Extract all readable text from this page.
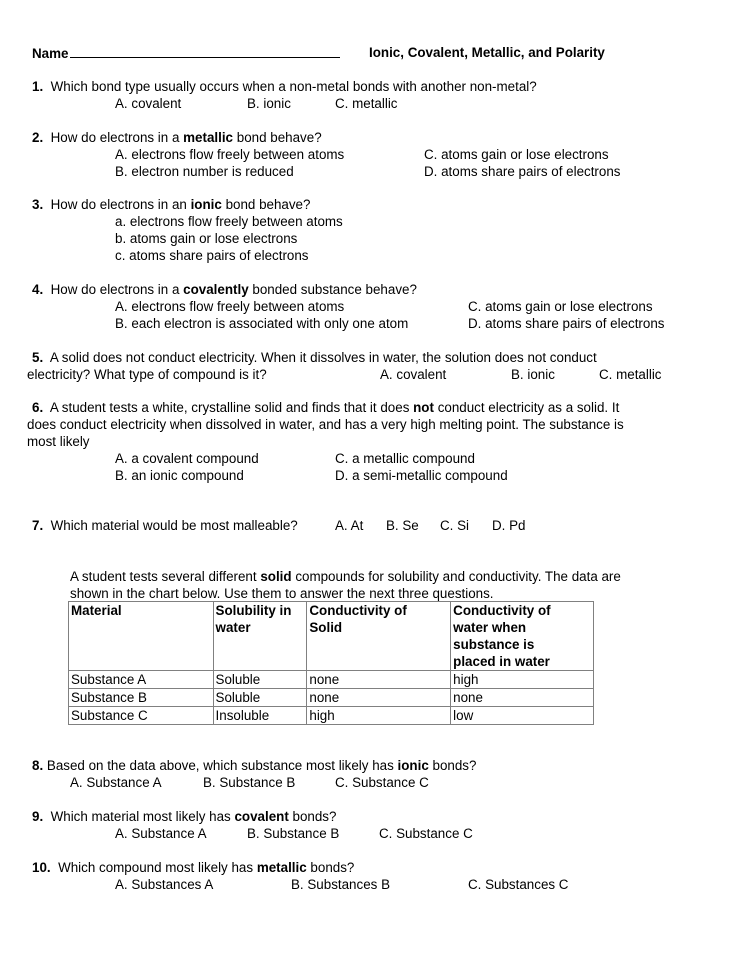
Name	Ionic, Covalent, Metallic, and Polarity
1. Which bond type usually occurs when a non-metal bonds with another non-metal?
A. covalent	B. ionic	C. metallic
2. How do electrons in a metallic bond behave?
A. electrons flow freely between atoms
B. electron number is reduced
C. atoms gain or lose electrons
D. atoms share pairs of electrons
3. How do electrons in an ionic bond behave?
a. electrons flow freely between atoms
b. atoms gain or lose electrons
c. atoms share pairs of electrons
4. How do electrons in a covalently bonded substance behave?
A. electrons flow freely between atoms
B. each electron is associated with only one atom
C. atoms gain or lose electrons
D. atoms share pairs of electrons
5. A solid does not conduct electricity. When it dissolves in water, the solution does not conduct
electricity? What type of compound is it?	A. covalent	B. ionic	C. metallic
6. A student tests a white, crystalline solid and finds that it does not conduct electricity as a solid. It
does conduct electricity when dissolved in water, and has a very high melting point. The substance is
most likely
A. a covalent compound
B. an ionic compound
C. a metallic compound
D. a semi-metallic compound
7. Which material would be most malleable?	A. At B. Se C. Si D. Pd
A student tests several different solid compounds for solubility and conductivity. The data are
shown in the chart below. Use them to answer the next three questions.
Material	Solubility in water	Conductivity of Solid	Conductivity of water when substance is placed in water
Substance A	Soluble	none	high
Substance B	Soluble	none	none
Substance C	Insoluble	high	low
8. Based on the data above, which substance most likely has ionic bonds?
A. Substance A	B. Substance B	C. Substance C
9. Which material most likely has covalent bonds?
A. Substance A	B. Substance B	C. Substance C
10. Which compound most likely has metallic bonds?
A. Substances A	B. Substances B	C. Substances C
